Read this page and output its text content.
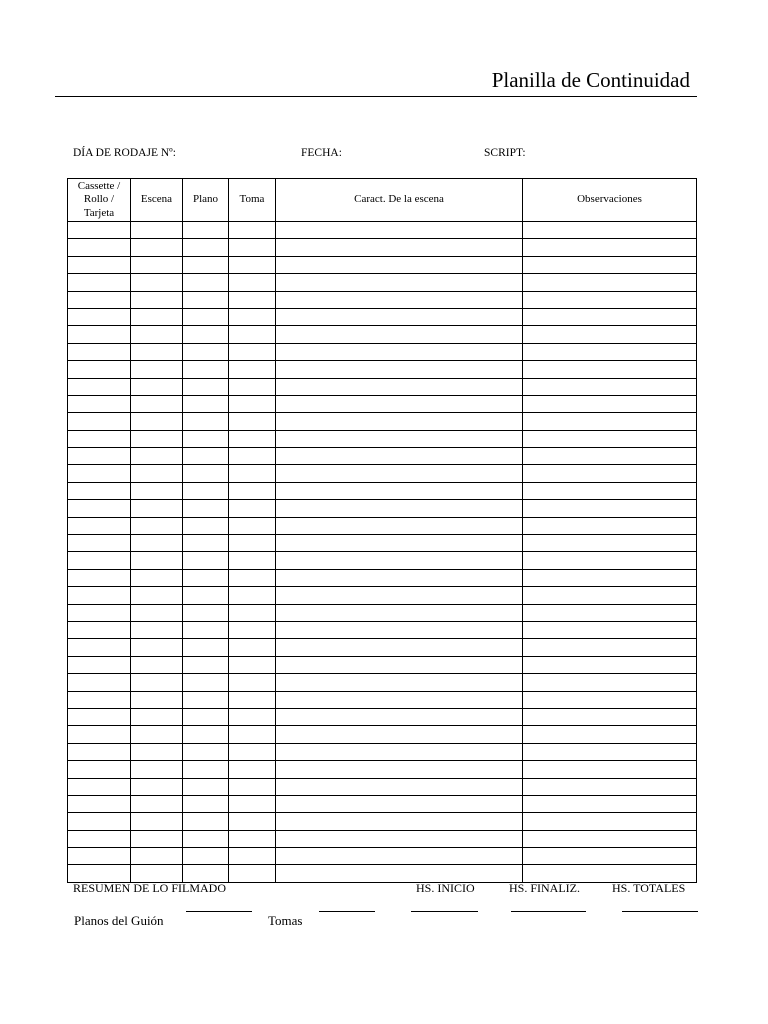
Planilla de Continuidad
DÍA DE RODAJE Nº:	FECHA:	SCRIPT:
Cassette / Rollo / Tarjeta	Escena	Plano	Toma	Caract. De la escena	Observaciones

RESUMEN DE LO FILMADO	HS. INICIO	HS. FINALIZ.	HS. TOTALES
Planos del Guión	Tomas
